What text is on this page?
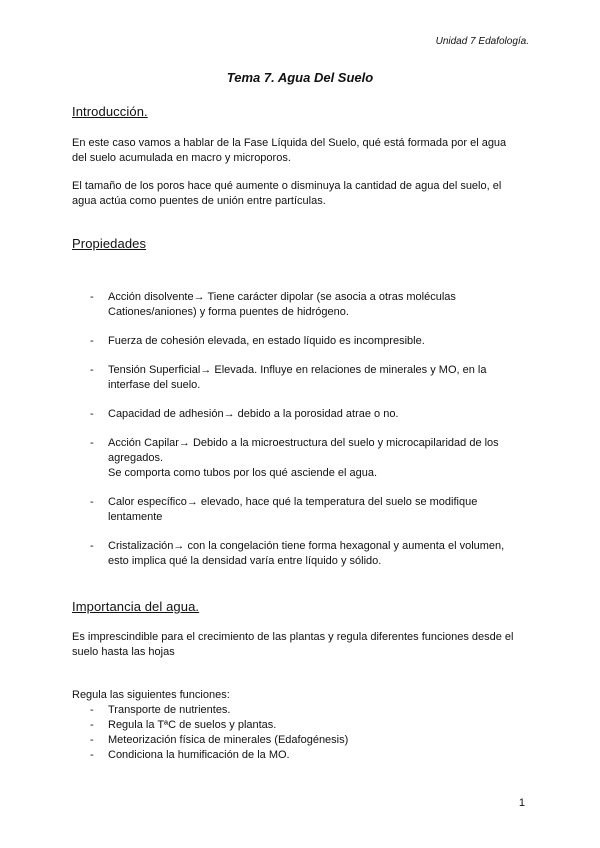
Unidad 7 Edafología.
Tema 7. Agua Del Suelo
Introducción.
En este caso vamos a hablar de la Fase Líquida del Suelo, qué está formada por el agua
del suelo acumulada en macro y microporos.
El tamaño de los poros hace qué aumente o disminuya la cantidad de agua del suelo, el
agua actúa como puentes de unión entre partículas.
Propiedades
- Acción disolvente→ Tiene carácter dipolar (se asocia a otras moléculas
Cationes/aniones) y forma puentes de hidrógeno.
- Fuerza de cohesión elevada, en estado líquido es incompresible.
- Tensión Superficial→ Elevada. Influye en relaciones de minerales y MO, en la
interfase del suelo.
- Capacidad de adhesión→ debido a la porosidad atrae o no.
- Acción Capilar→ Debido a la microestructura del suelo y microcapilaridad de los
agregados.
Se comporta como tubos por los qué asciende el agua.
- Calor específico→ elevado, hace qué la temperatura del suelo se modifique
lentamente
- Cristalización→ con la congelación tiene forma hexagonal y aumenta el volumen,
esto implica qué la densidad varía entre líquido y sólido.
Importancia del agua.
Es imprescindible para el crecimiento de las plantas y regula diferentes funciones desde el
suelo hasta las hojas
Regula las siguientes funciones:
- Transporte de nutrientes.
- Regula la TªC de suelos y plantas.
- Meteorización física de minerales (Edafogénesis)
- Condiciona la humificación de la MO.
1
